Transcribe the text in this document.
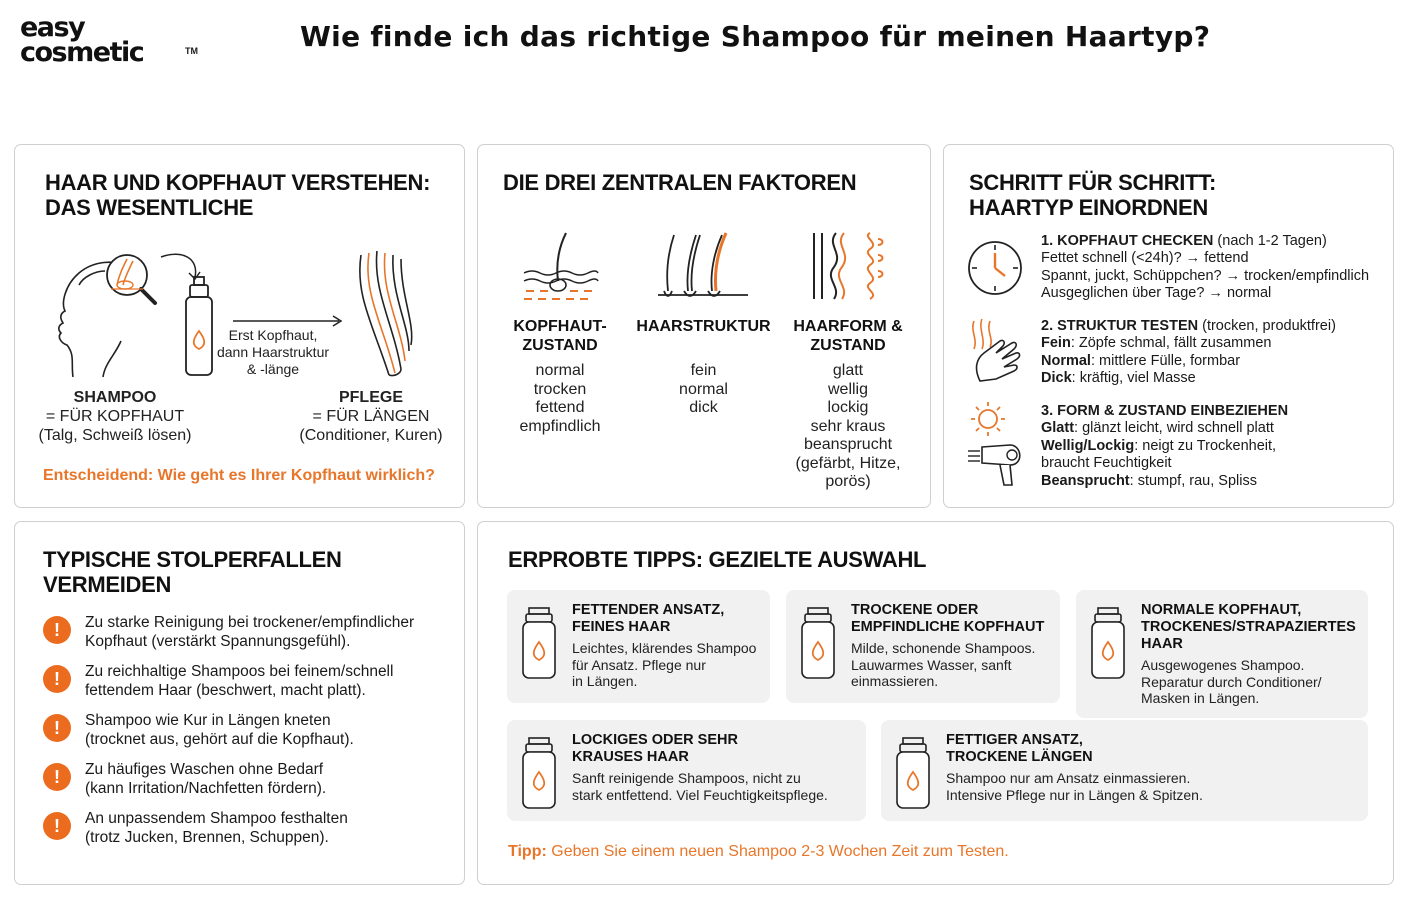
easy
cosmetic	TM	Wie finde ich das richtige Shampoo für meinen Haartyp?
HAAR UND KOPFHAUT VERSTEHEN:
DAS WESENTLICHE
Erst Kopfhaut,
dann Haarstruktur
& -länge
SHAMPOO
= FÜR KOPFHAUT
(Talg, Schweiß lösen)
PFLEGE
= FÜR LÄNGEN
(Conditioner, Kuren)
Entscheidend: Wie geht es Ihrer Kopfhaut wirklich?
DIE DREI ZENTRALEN FAKTOREN
KOPFHAUT-
ZUSTAND
normal
trocken
fettend
empfindlich
HAARSTRUKTUR
fein
normal
dick
HAARFORM &
ZUSTAND
glatt
wellig
lockig
sehr kraus
beansprucht
(gefärbt, Hitze,
porös)
SCHRITT FÜR SCHRITT:
HAARTYP EINORDNEN
1. KOPFHAUT CHECKEN (nach 1-2 Tagen)
Fettet schnell (<24h)? → fettend
Spannt, juckt, Schüppchen? → trocken/empfindlich
Ausgeglichen über Tage? → normal
2. STRUKTUR TESTEN (trocken, produktfrei)
Fein: Zöpfe schmal, fällt zusammen
Normal: mittlere Fülle, formbar
Dick: kräftig, viel Masse
3. FORM & ZUSTAND EINBEZIEHEN
Glatt: glänzt leicht, wird schnell platt
Wellig/Lockig: neigt zu Trockenheit,
braucht Feuchtigkeit
Beansprucht: stumpf, rau, Spliss
TYPISCHE STOLPERFALLEN
VERMEIDEN
!	Zu starke Reinigung bei trockener/empfindlicher
Kopfhaut (verstärkt Spannungsgefühl).
!	Zu reichhaltige Shampoos bei feinem/schnell
fettendem Haar (beschwert, macht platt).
!	Shampoo wie Kur in Längen kneten
(trocknet aus, gehört auf die Kopfhaut).
!	Zu häufiges Waschen ohne Bedarf
(kann Irritation/Nachfetten fördern).
!	An unpassendem Shampoo festhalten
(trotz Jucken, Brennen, Schuppen).
ERPROBTE TIPPS: GEZIELTE AUSWAHL
FETTENDER ANSATZ,
FEINES HAAR
Leichtes, klärendes Shampoo
für Ansatz. Pflege nur
in Längen.
TROCKENE ODER
EMPFINDLICHE KOPFHAUT
Milde, schonende Shampoos.
Lauwarmes Wasser, sanft
einmassieren.
NORMALE KOPFHAUT,
TROCKENES/STRAPAZIERTES
HAAR
Ausgewogenes Shampoo.
Reparatur durch Conditioner/
Masken in Längen.
LOCKIGES ODER SEHR
KRAUSES HAAR
Sanft reinigende Shampoos, nicht zu
stark entfettend. Viel Feuchtigkeitspflege.
FETTIGER ANSATZ,
TROCKENE LÄNGEN
Shampoo nur am Ansatz einmassieren.
Intensive Pflege nur in Längen & Spitzen.
Tipp: Geben Sie einem neuen Shampoo 2-3 Wochen Zeit zum Testen.
